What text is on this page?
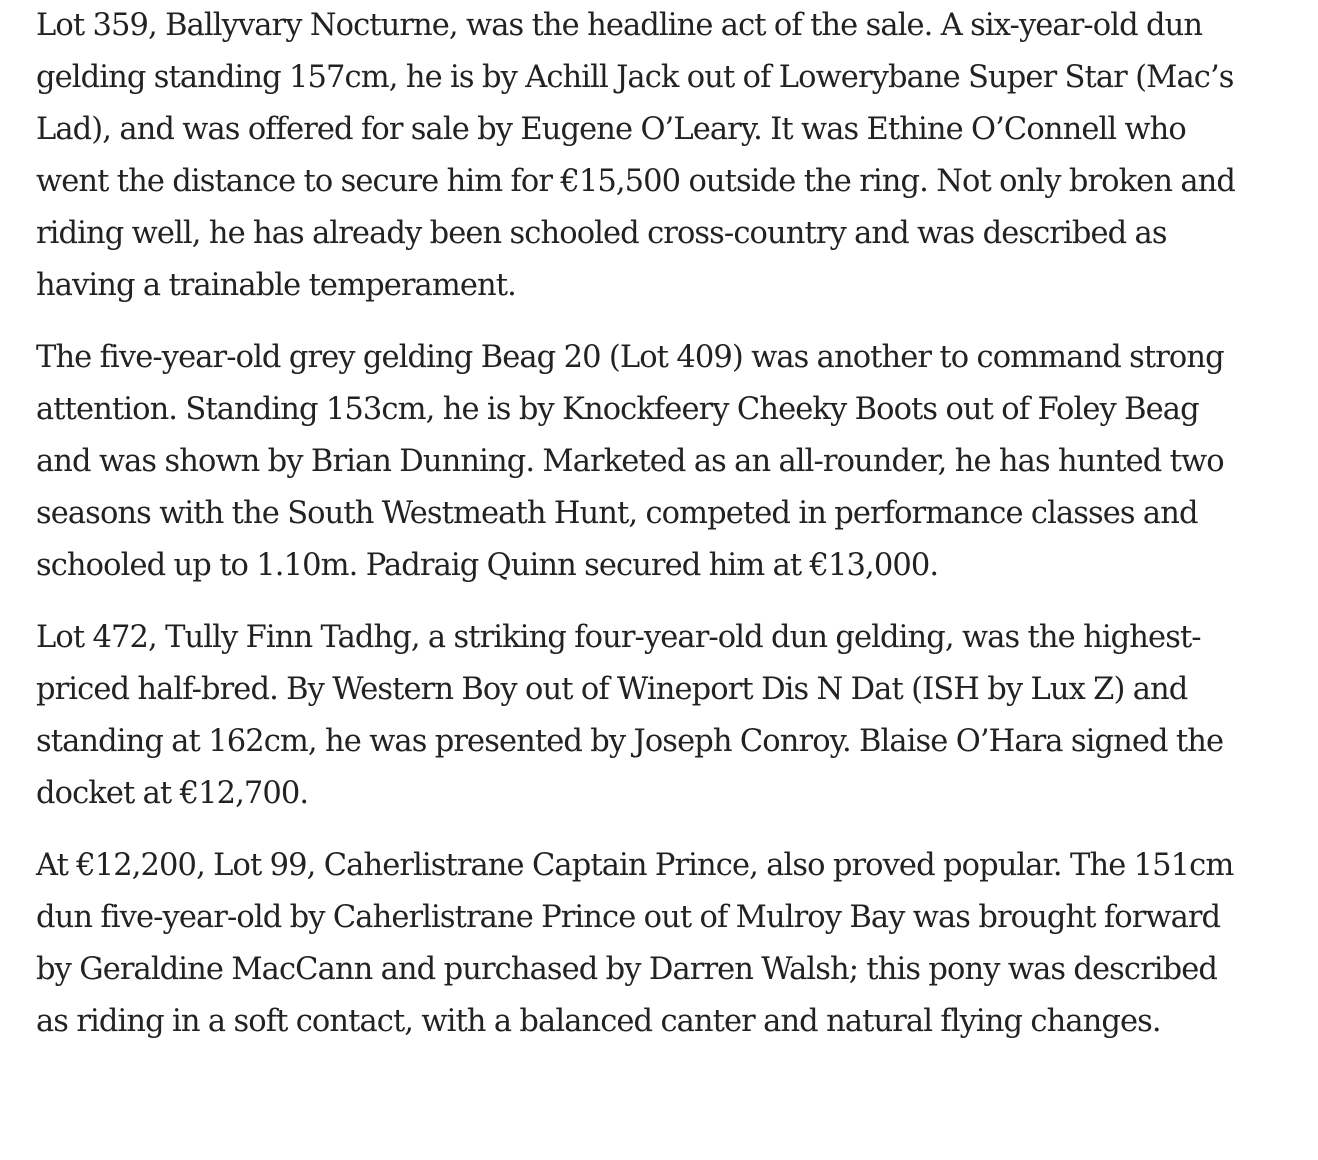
Lot 359, Ballyvary Nocturne, was the headline act of the sale. A six-year-old dun gelding standing 157cm, he is by Achill Jack out of Lowerybane Super Star (Mac’s Lad), and was offered for sale by Eugene O’Leary. It was Ethine O’Connell who went the distance to secure him for €15,500 outside the ring. Not only broken and riding well, he has already been schooled cross-country and was described as having a trainable temperament.

The five-year-old grey gelding Beag 20 (Lot 409) was another to command strong attention. Standing 153cm, he is by Knockfeery Cheeky Boots out of Foley Beag and was shown by Brian Dunning. Marketed as an all-rounder, he has hunted two seasons with the South Westmeath Hunt, competed in performance classes and schooled up to 1.10m. Padraig Quinn secured him at €13,000.

Lot 472, Tully Finn Tadhg, a striking four-year-old dun gelding, was the highest-priced half-bred. By Western Boy out of Wineport Dis N Dat (ISH by Lux Z) and standing at 162cm, he was presented by Joseph Conroy. Blaise O’Hara signed the docket at €12,700.

At €12,200, Lot 99, Caherlistrane Captain Prince, also proved popular. The 151cm dun five-year-old by Caherlistrane Prince out of Mulroy Bay was brought forward by Geraldine MacCann and purchased by Darren Walsh; this pony was described as riding in a soft contact, with a balanced canter and natural flying changes.
